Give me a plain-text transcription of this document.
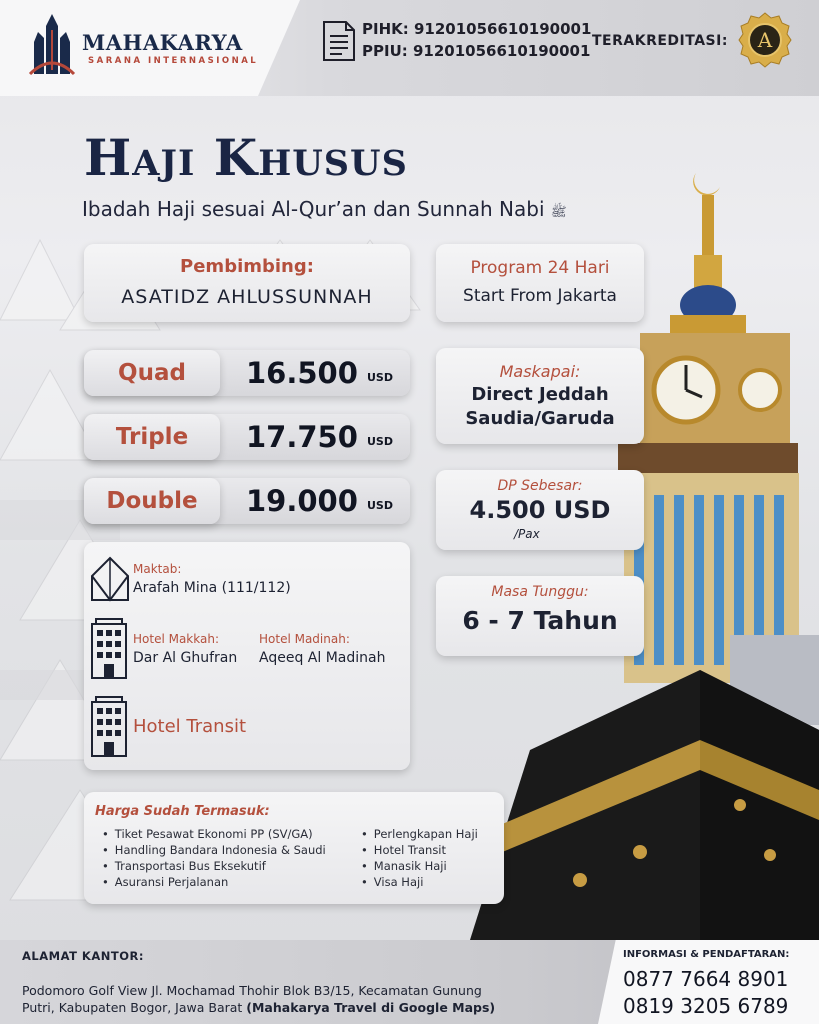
MAHAKARYA
SARANA INTERNASIONAL
PIHK: 91201056610190001
PPIU: 91201056610190001
TERAKREDITASI: A
Haji Khusus
Ibadah Haji sesuai Al-Qur’an dan Sunnah Nabi ﷺ
Pembimbing:
ASATIDZ AHLUSSUNNAH
Program 24 Hari
Start From Jakarta
Quad	16.500 USD
Triple	17.750 USD
Double	19.000 USD
Maskapai:
Direct Jeddah
Saudia/Garuda
DP Sebesar:
4.500 USD
/Pax
Masa Tunggu:
6 - 7 Tahun
Maktab:
Arafah Mina (111/112)
Hotel Makkah:
Dar Al Ghufran
Hotel Madinah:
Aqeeq Al Madinah
Hotel Transit
Harga Sudah Termasuk:
• Tiket Pesawat Ekonomi PP (SV/GA)
• Handling Bandara Indonesia & Saudi
• Transportasi Bus Eksekutif
• Asuransi Perjalanan
• Perlengkapan Haji
• Hotel Transit
• Manasik Haji
• Visa Haji
ALAMAT KANTOR:
Podomoro Golf View Jl. Mochamad Thohir Blok B3/15, Kecamatan Gunung
Putri, Kabupaten Bogor, Jawa Barat (Mahakarya Travel di Google Maps)
INFORMASI & PENDAFTARAN:
0877 7664 8901
0819 3205 6789
